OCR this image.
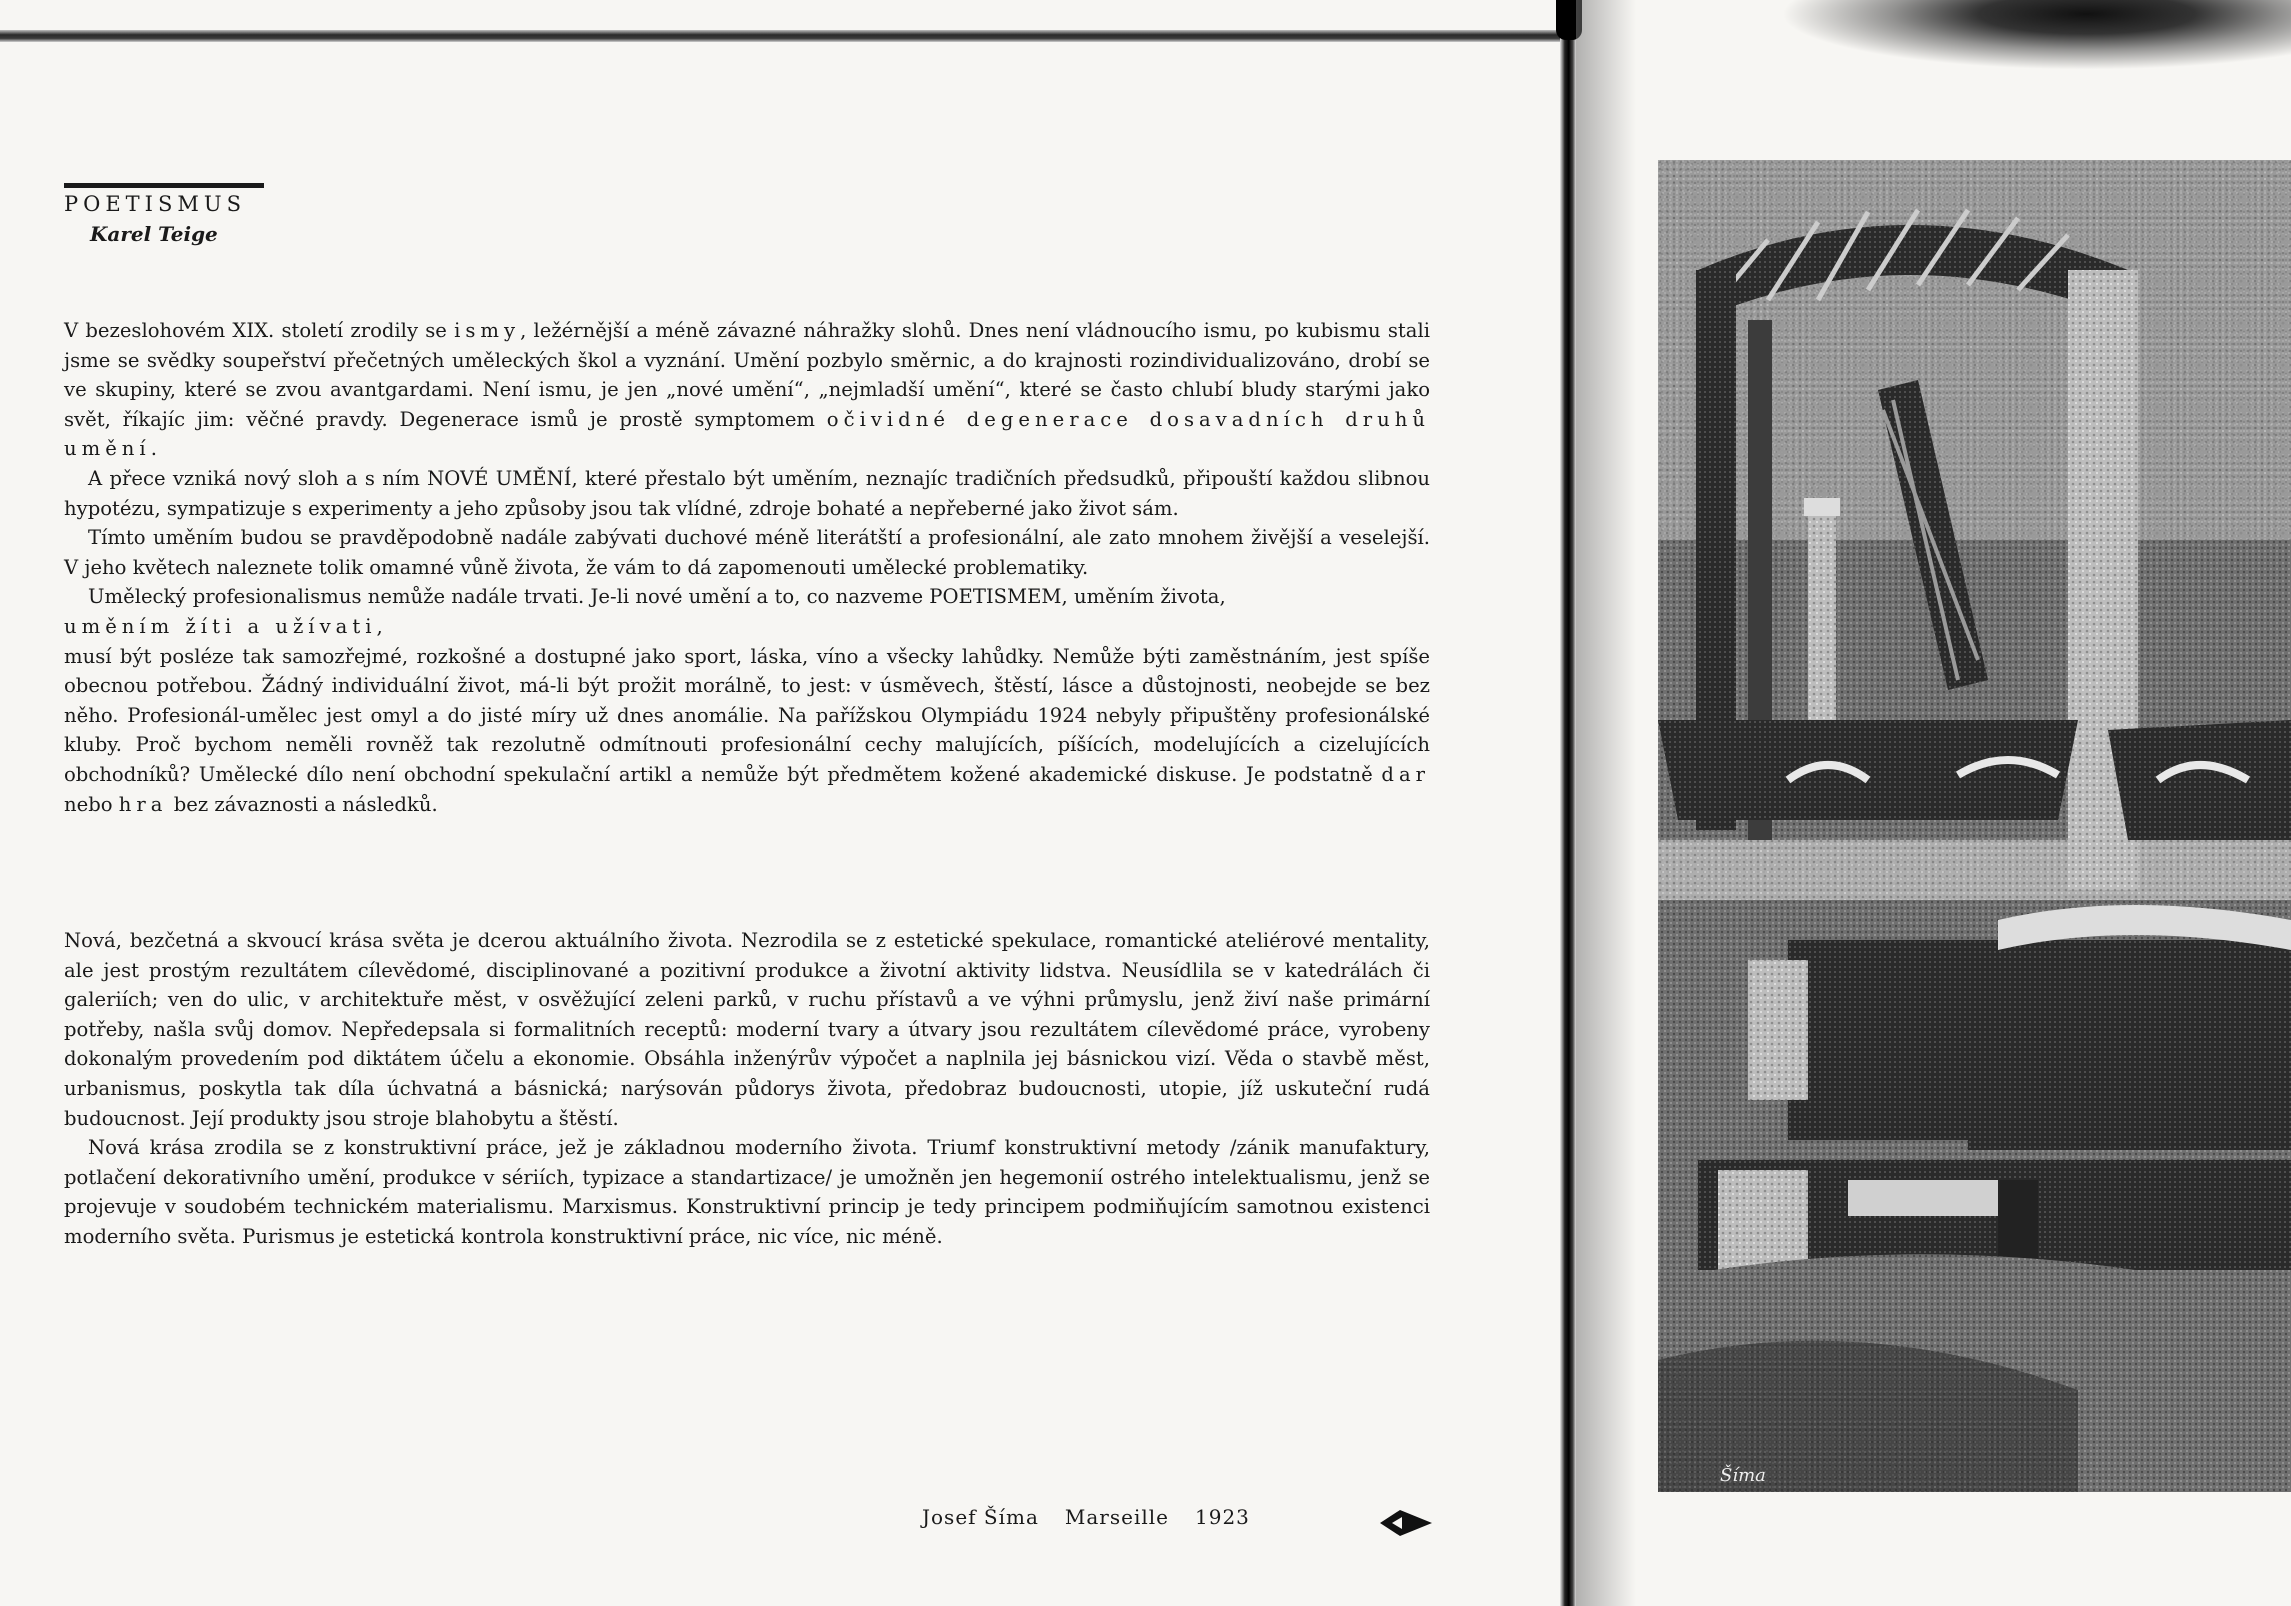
POETISMUS
Karel Teige

V bezeslohovém XIX. století zrodily se ismy, ležérnější a méně závazné náhražky slohů. Dnes není vládnoucího ismu, po kubismu stali jsme se svědky soupeřství přečetných uměleckých škol a vyznání. Umění pozbylo směrnic, a do krajnosti rozindividualizováno, drobí se ve skupiny, které se zvou avantgardami. Není ismu, je jen „nové umění“, „nejmladší umění“, které se často chlubí bludy starými jako svět, říkajíc jim: věčné pravdy. Degenerace ismů je prostě symptomem očividné degenerace dosavadních druhů umění.

A přece vzniká nový sloh a s ním NOVÉ UMĚNÍ, které přestalo být uměním, neznajíc tradičních předsudků, připouští každou slibnou hypotézu, sympatizuje s experimenty a jeho způsoby jsou tak vlídné, zdroje bohaté a nepřeberné jako život sám.

Tímto uměním budou se pravděpodobně nadále zabývati duchové méně literátští a profesionální, ale zato mnohem živější a veselejší. V jeho květech naleznete tolik omamné vůně života, že vám to dá zapomenouti umělecké problematiky.

Umělecký profesionalismus nemůže nadále trvati. Je-li nové umění a to, co nazveme POETISMEM, uměním života,

uměním žíti a užívati,

musí být posléze tak samozřejmé, rozkošné a dostupné jako sport, láska, víno a všecky lahůdky. Nemůže býti zaměstnáním, jest spíše obecnou potřebou. Žádný individuální život, má-li být prožit morálně, to jest: v úsměvech, štěstí, lásce a důstojnosti, neobejde se bez něho. Profesionál-umělec jest omyl a do jisté míry už dnes anomálie. Na pařížskou Olympiádu 1924 nebyly připuštěny profesionálské kluby. Proč bychom neměli rovněž tak rezolutně odmítnouti profesionální cechy malujících, píšících, modelujících a cizelujících obchodníků? Umělecké dílo není obchodní spekulační artikl a nemůže být předmětem kožené akademické diskuse. Je podstatně dar nebo hra bez závaznosti a následků.

Nová, bezčetná a skvoucí krása světa je dcerou aktuálního života. Nezrodila se z estetické spekulace, romantické ateliérové mentality, ale jest prostým rezultátem cílevědomé, disciplinované a pozitivní produkce a životní aktivity lidstva. Neusídlila se v katedrálách či galeriích; ven do ulic, v architektuře měst, v osvěžující zeleni parků, v ruchu přístavů a ve výhni průmyslu, jenž živí naše primární potřeby, našla svůj domov. Nepředepsala si formalitních receptů: moderní tvary a útvary jsou rezultátem cílevědomé práce, vyrobeny dokonalým provedením pod diktátem účelu a ekonomie. Obsáhla inženýrův výpočet a naplnila jej básnickou vizí. Věda o stavbě měst, urbanismus, poskytla tak díla úchvatná a básnická; narýsován půdorys života, předobraz budoucnosti, utopie, jíž uskuteční rudá budoucnost. Její produkty jsou stroje blahobytu a štěstí.

Nová krása zrodila se z konstruktivní práce, jež je základnou moderního života. Triumf konstruktivní metody /zánik manufaktury, potlačení dekorativního umění, produkce v sériích, typizace a standartizace/ je umožněn jen hegemonií ostrého intelektualismu, jenž se projevuje v soudobém technickém materialismu. Marxismus. Konstruktivní princip je tedy principem podmiňujícím samotnou existenci moderního světa. Purismus je estetická kontrola konstruktivní práce, nic více, nic méně.

Josef Šíma Marseille 1923
Šíma
